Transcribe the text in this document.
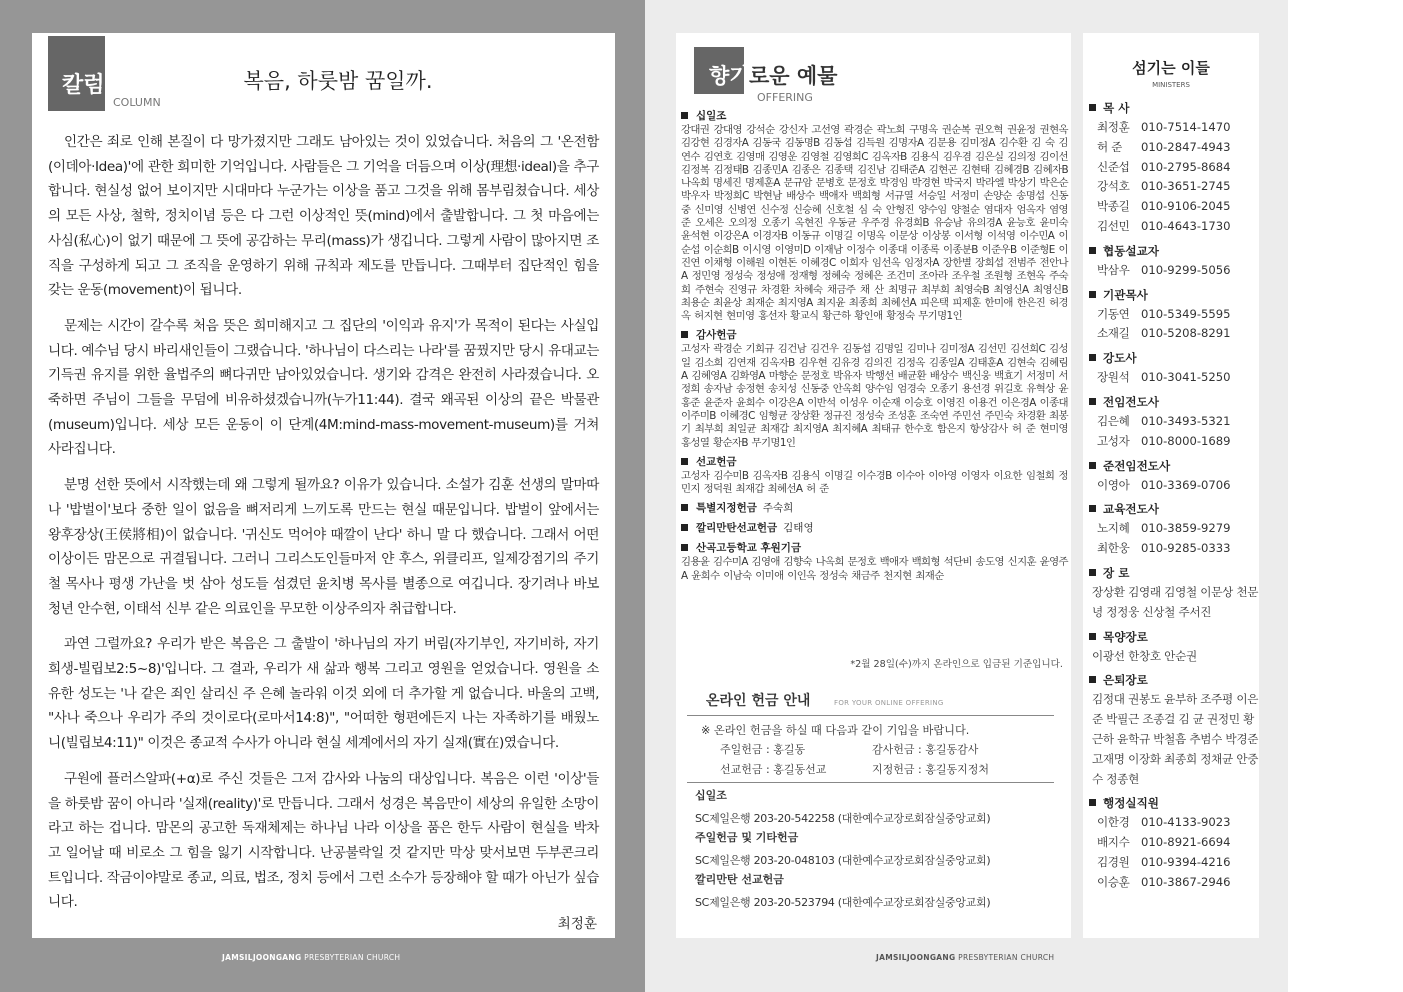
칼럼
COLUMN
복음, 하룻밤 꿈일까.

인간은 죄로 인해 본질이 다 망가졌지만 그래도 남아있는 것이 있었습니다. 처음의 그 '온전함(이데아·Idea)'에 관한 희미한 기억입니다. 사람들은 그 기억을 더듬으며 이상(理想·ideal)을 추구합니다. 현실성 없어 보이지만 시대마다 누군가는 이상을 품고 그것을 위해 몸부림쳤습니다. 세상의 모든 사상, 철학, 정치이념 등은 다 그런 이상적인 뜻(mind)에서 출발합니다. 그 첫 마음에는 사심(私心)이 없기 때문에 그 뜻에 공감하는 무리(mass)가 생깁니다. 그렇게 사람이 많아지면 조직을 구성하게 되고 그 조직을 운영하기 위해 규칙과 제도를 만듭니다. 그때부터 집단적인 힘을 갖는 운동(movement)이 됩니다.

문제는 시간이 갈수록 처음 뜻은 희미해지고 그 집단의 '이익과 유지'가 목적이 된다는 사실입니다. 예수님 당시 바리새인들이 그랬습니다. '하나님이 다스리는 나라'를 꿈꿨지만 당시 유대교는 기득권 유지를 위한 율법주의 뼈다귀만 남아있었습니다. 생기와 감격은 완전히 사라졌습니다. 오죽하면 주님이 그들을 무덤에 비유하셨겠습니까(누가11:44). 결국 왜곡된 이상의 끝은 박물관(museum)입니다. 세상 모든 운동이 이 단계(4M:mind-mass-movement-museum)를 거쳐 사라집니다.

분명 선한 뜻에서 시작했는데 왜 그렇게 될까요? 이유가 있습니다. 소설가 김훈 선생의 말마따나 '밥벌이'보다 중한 일이 없음을 뼈저리게 느끼도록 만드는 현실 때문입니다. 밥벌이 앞에서는 왕후장상(王侯將相)이 없습니다. '귀신도 먹어야 때깔이 난다' 하니 말 다 했습니다. 그래서 어떤 이상이든 맘몬으로 귀결됩니다. 그러니 그리스도인들마저 얀 후스, 위클리프, 일제강점기의 주기철 목사나 평생 가난을 벗 삼아 성도들 섬겼던 윤치병 목사를 별종으로 여깁니다. 장기려나 바보 청년 안수현, 이태석 신부 같은 의료인을 무모한 이상주의자 취급합니다.

과연 그럴까요? 우리가 받은 복음은 그 출발이 '하나님의 자기 버림(자기부인, 자기비하, 자기희생-빌립보2:5~8)'입니다. 그 결과, 우리가 새 삶과 행복 그리고 영원을 얻었습니다. 영원을 소유한 성도는 '나 같은 죄인 살리신 주 은혜 놀라워 이것 외에 더 추가할 게 없습니다. 바울의 고백, "사나 죽으나 우리가 주의 것이로다(로마서14:8)", "어떠한 형편에든지 나는 자족하기를 배웠노니(빌립보4:11)" 이것은 종교적 수사가 아니라 현실 세계에서의 자기 실재(實在)였습니다.

구원에 플러스알파(+α)로 주신 것들은 그저 감사와 나눔의 대상입니다. 복음은 이런 '이상'들을 하룻밤 꿈이 아니라 '실재(reality)'로 만듭니다. 그래서 성경은 복음만이 세상의 유일한 소망이라고 하는 겁니다. 맘몬의 공고한 독재체제는 하나님 나라 이상을 품은 한두 사람이 현실을 박차고 일어날 때 비로소 그 힘을 잃기 시작합니다. 난공불락일 것 같지만 막상 맞서보면 두부콘크리트입니다. 작금이야말로 종교, 의료, 법조, 정치 등에서 그런 소수가 등장해야 할 때가 아닌가 싶습니다.

최정훈
JAMSILJOONGANG PRESBYTERIAN CHURCH
향기 로운 예물
OFFERING
십일조
강대권 강대영 강석순 강신자 고선영 곽경순 곽노희 구명옥 권순복 권오혁 권윤정 권현옥 김강현 김경자A 김동국 김동명B 김동섭 김득원 김명자A 김문용 김미정A 김수환 김 숙 김연수 김연호 김영매 김영운 김영철 김영희C 김옥자B 김용식 김우겸 김은실 김의정 김이선 김정복 김정태B 김종민A 김종은 김종택 김진남 김태준A 김현곤 김현태 김혜경B 김혜자B 나옥희 명세진 명제훈A 문규암 문병호 문정호 박경임 박경현 박국지 박라엘 박상기 박은순 박우자 박정희C 박현남 배상수 백애자 백희형 서규열 서승일 서정미 손양순 송명섭 신동중 신미영 신병연 신수정 신승혜 신호철 심 숙 안형진 양수임 양철순 염대자 엄옥자 염영준 오세은 오의정 오종기 옥현진 우동균 우주경 유경희B 유승남 유의경A 윤능호 윤미숙 윤석현 이강은A 이경자B 이동규 이명길 이명옥 이문상 이상봉 이서형 이석영 이수민A 이순섭 이순희B 이시영 이영미D 이재남 이정수 이종대 이종록 이종분B 이준우B 이준형E 이진연 이채형 이해원 이현돈 이혜경C 이희자 임선옥 임정자A 장한별 장희섭 전범주 전안나A 정민영 정성숙 정성애 정재형 정혜숙 정혜은 조건미 조아라 조우철 조원형 조현옥 주숙희 주현숙 진영규 차경환 차혜숙 채금주 채 산 최명규 최부희 최영숙B 최영신A 최영신B 최용순 최윤상 최재순 최지영A 최지윤 최종희 최혜선A 피은택 피제훈 한미애 한은진 허경옥 허지현 현미영 홍선자 황교식 황근하 황인애 황정숙 무기명1인
감사헌금
고성자 곽경순 기희규 김건남 김건우 김동섭 김명일 김미나 김미정A 김선민 김선희C 김성일 김소희 김연재 김옥자B 김우현 김유경 김의진 김정옥 김종일A 김태훈A 김현숙 김혜림A 김혜영A 김화영A 마향순 문정호 박유자 박행선 배균환 배상수 백신웅 백효기 서정미 서정희 송자남 송정현 송치성 신동중 안옥희 양수임 엄경숙 오종기 용선경 위길호 유혁상 윤홍준 윤준자 윤희수 이강은A 이반석 이성우 이순재 이승호 이영진 이용건 이은경A 이종대 이주미B 이혜경C 임형균 장상환 정규진 정성숙 조성훈 조숙연 주민선 주민숙 차경환 최봉기 최부희 최일균 최재갑 최지영A 최지혜A 최태규 한수호 함은지 항상감사 허 준 현미영 홍성열 황순자B 무기명1인
선교헌금
고성자 김수미B 김옥자B 김용식 이명길 이수경B 이수아 이아영 이영자 이요한 임철희 정민지 정덕원 최재갑 최혜선A 허 준
특별지정헌금 주숙희
깔리만탄선교헌금 김태영
산곡고등학교 후원기금
김용윤 김수미A 김영애 김향숙 나옥희 문정호 백애자 백희형 석단비 송도영 신지훈 윤영주A 윤희수 이남숙 이미애 이인옥 정성숙 채금주 천지현 최재순
*2월 28일(수)까지 온라인으로 입금된 기준입니다.
온라인 헌금 안내	FOR YOUR ONLINE OFFERING
※ 온라인 헌금을 하실 때 다음과 같이 기입을 바랍니다.
주일헌금 : 홍길동	감사헌금 : 홍길동감사
선교헌금 : 홍길동선교	지정헌금 : 홍길동지정처
십일조
SC제일은행 203-20-542258 (대한예수교장로회잠실중앙교회)
주일헌금 및 기타헌금
SC제일은행 203-20-048103 (대한예수교장로회잠실중앙교회)
깔리만탄 선교헌금
SC제일은행 203-20-523794 (대한예수교장로회잠실중앙교회)
섬기는 이들
MINISTERS
목 사
최정훈 010-7514-1470
허 준 010-2847-4943
신준섭 010-2795-8684
강석호 010-3651-2745
박종길 010-9106-2045
김선민 010-4643-1730
협동설교자
박삼우 010-9299-5056
기관목사
기동연 010-5349-5595
소재길 010-5208-8291
강도사
장원석 010-3041-5250
전임전도사
김은혜 010-3493-5321
고성자 010-8000-1689
준전임전도사
이영아 010-3369-0706
교육전도사
노지혜 010-3859-9279
최한웅 010-9285-0333
장 로
장상환 김영래 김영철 이문상 천문녕 정정웅 신상철 주서진
목양장로
이광선 한창호 안순권
은퇴장로
김정대 권봉도 윤부하 조주평 이은준 박필근 조종걸 김 균 권정민 황근하 윤학규 박철흠 추범수 박경준 고재명 이장화 최종희 정채균 안중수 정종현
행정실직원
이한경 010-4133-9023
배지수 010-8921-6694
김경원 010-9394-4216
이승훈 010-3867-2946
JAMSILJOONGANG PRESBYTERIAN CHURCH
